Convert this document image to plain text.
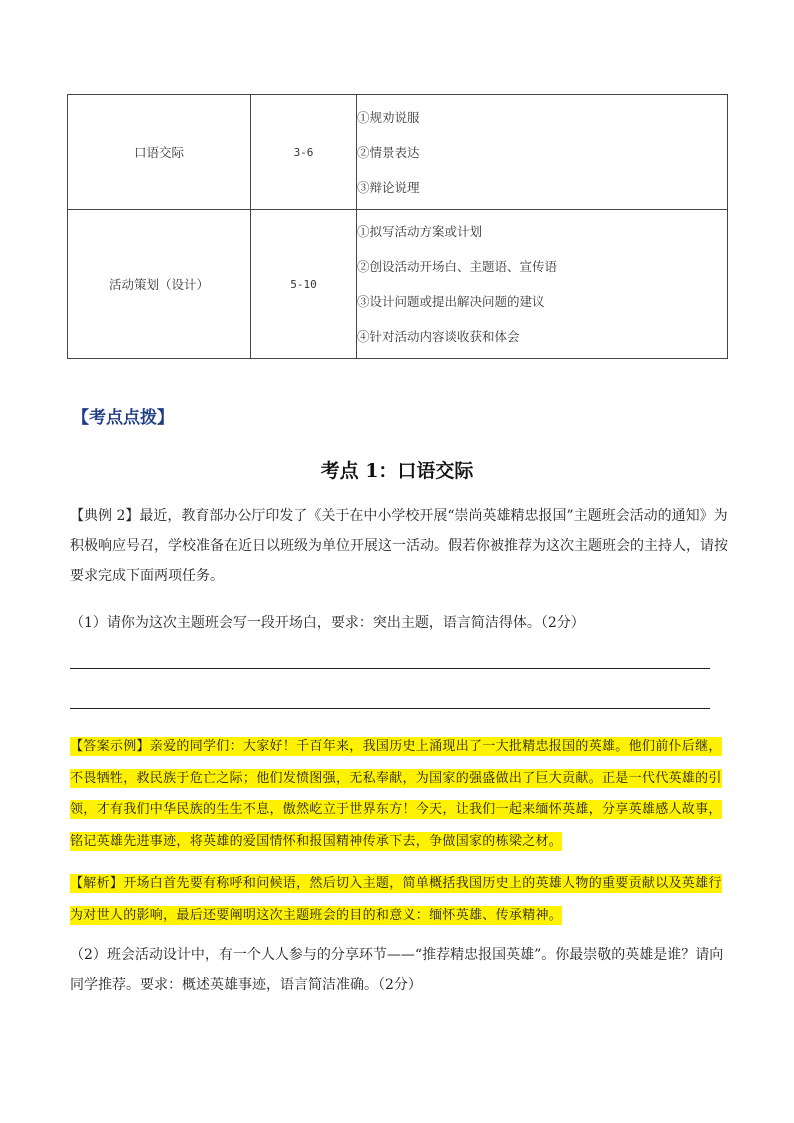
口语交际	3-6	①规劝说服
②情景表达
③辩论说理

活动策划（设计）	5-10	①拟写活动方案或计划
②创设活动开场白、主题语、宣传语
③设计问题或提出解决问题的建议
④针对活动内容谈收获和体会
【考点点拨】
考点 1：口语交际
【典例 2】最近，教育部办公厅印发了《关于在中小学校开展“崇尚英雄精忠报国”主题班会活动的通知》为积极响应号召，学校准备在近日以班级为单位开展这一活动。假若你被推荐为这次主题班会的主持人，请按要求完成下面两项任务。
（1）请你为这次主题班会写一段开场白，要求：突出主题，语言简洁得体。（2分）
【答案示例】亲爱的同学们：大家好！千百年来，我国历史上涌现出了一大批精忠报国的英雄。他们前仆后继，不畏牺牲，救民族于危亡之际；他们发愤图强，无私奉献，为国家的强盛做出了巨大贡献。正是一代代英雄的引领，才有我们中华民族的生生不息，傲然屹立于世界东方！今天，让我们一起来缅怀英雄，分享英雄感人故事，铭记英雄先进事迹，将英雄的爱国情怀和报国精神传承下去，争做国家的栋梁之材。
【解析】开场白首先要有称呼和问候语，然后切入主题，简单概括我国历史上的英雄人物的重要贡献以及英雄行为对世人的影响，最后还要阐明这次主题班会的目的和意义：缅怀英雄、传承精神。
（2）班会活动设计中，有一个人人参与的分享环节——“推荐精忠报国英雄”。你最崇敬的英雄是谁？请向同学推荐。要求：概述英雄事迹，语言简洁准确。（2分）
